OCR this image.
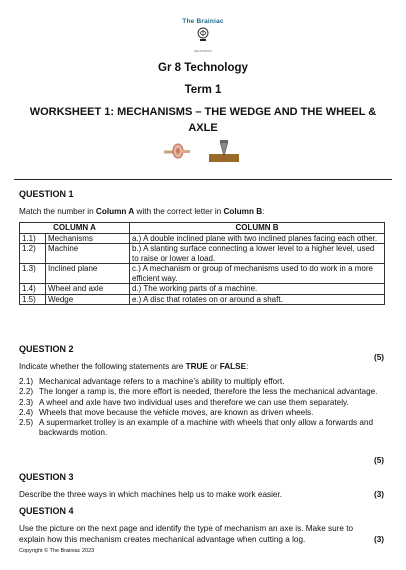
The Brainiac
EDUCATION
Gr 8 Technology
Term 1
WORKSHEET 1: MECHANISMS – THE WEDGE AND THE WHEEL & AXLE
QUESTION 1
Match the number in Column A with the correct letter in Column B:
COLUMN A		COLUMN B
1.1)	Mechanisms	a.) A double inclined plane with two inclined planes facing each other.
1.2)	Machine	b.) A slanting surface connecting a lower level to a higher level, used to raise or lower a load.
1.3)	Inclined plane	c.) A mechanism or group of mechanisms used to do work in a more efficient way.
1.4)	Wheel and axle	d.) The working parts of a machine.
1.5)	Wedge	e.) A disc that rotates on or around a shaft.
(5)
QUESTION 2
Indicate whether the following statements are TRUE or FALSE:
2.1) Mechanical advantage refers to a machine’s ability to multiply effort.
2.2) The longer a ramp is, the more effort is needed, therefore the less the mechanical advantage.
2.3) A wheel and axle have two individual uses and therefore we can use them separately.
2.4) Wheels that move because the vehicle moves, are known as driven wheels.
2.5) A supermarket trolley is an example of a machine with wheels that only allow a forwards and backwards motion.
(5)
QUESTION 3
Describe the three ways in which machines help us to make work easier.	(3)
QUESTION 4
Use the picture on the next page and identify the type of mechanism an axe is. Make sure to explain how this mechanism creates mechanical advantage when cutting a log.	(3)
Copyright © The Brainiac 2023
